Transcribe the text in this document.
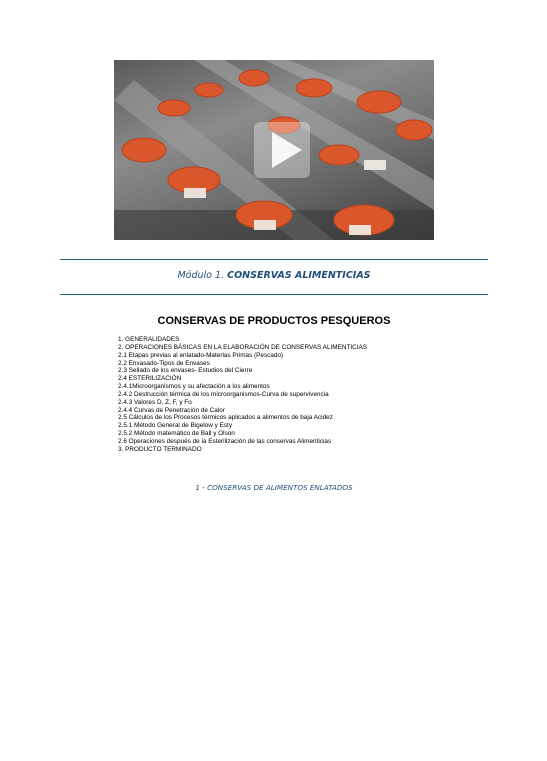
Módulo 1. CONSERVAS ALIMENTICIAS
CONSERVAS DE PRODUCTOS PESQUEROS
1. GENERALIDADES
2. OPERACIONES BÁSICAS EN LA ELABORACIÓN DE CONSERVAS ALIMENTICIAS
2.1 Etapas previas al enlatado-Materias Primas (Pescado)
2.2 Envasado-Tipos de Envases
2.3 Sellado de los envases- Estudios del Cierre
2.4 ESTERILIZACIÓN
2.4.1Microorganismos y su afectación a los alimentos
2.4.2 Destrucción térmica de los microorganismos-Curva de supervivencia
2.4.3 Valores D, Z, F, y Fo
2.4.4 Curvas de Penetración de Calor
2.5 Cálculos de los Procesos térmicos aplicados a alimentos de baja Acidez
2.5.1 Método General de Bigelow y Esty
2.5.2 Método matemático de Ball y Olson
2.6 Operaciones después de la Esterilización de las conservas Alimenticias
3. PRODUCTO TERMINADO
1 - CONSERVAS DE ALIMENTOS ENLATADOS
